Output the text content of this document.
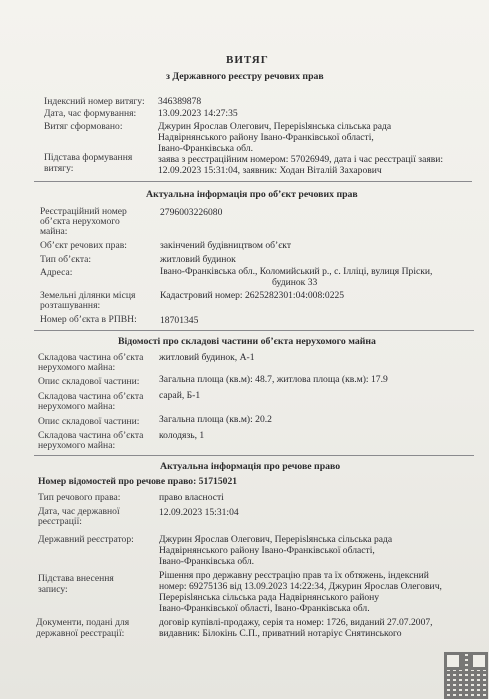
ВИТЯГ
з Державного реєстру речових прав
Індексний номер витягу: 346389878
Дата, час формування: 13.09.2023 14:27:35
Витяг сформовано:	Джурин Ярослав Олегович, Перерislянська сільська рада
Надвірнянського району Івано-Франківської області,
Івано-Франківська обл.
Підстава формування
витягу:
заява з реєстраційним номером: 57026949, дата і час реєстрації заяви:
12.09.2023 15:31:04, заявник: Ходан Віталій Захарович
Актуальна інформація про об’єкт речових прав
Реєстраційний номер
об’єкта нерухомого
майна:
2796003226080
Об’єкт речових прав:	закінчений будівництвом об’єкт
Тип об’єкта:	житловий будинок
Адреса:	Івано-Франківська обл., Коломийський р., с. Ілліці, вулиця Пріски,
будинок 33
Земельні ділянки місця
розташування:
Кадастровий номер: 2625282301:04:008:0225
Номер об’єкта в РПВН: 18701345
Відомості про складові частини об’єкта нерухомого майна
Складова частина об’єкта
нерухомого майна:
житловий будинок, А-1
Опис складової частини: Загальна площа (кв.м): 48.7, житлова площа (кв.м): 17.9
Складова частина об’єкта
нерухомого майна:
сарай, Б-1
Опис складової частини: Загальна площа (кв.м): 20.2
Складова частина об’єкта
нерухомого майна:
колодязь, 1
Актуальна інформація про речове право
Номер відомостей про речове право: 51715021
Тип речового права:	право власності
Дата, час державної
реєстрації:
12.09.2023 15:31:04
Державний реєстратор:	Джурин Ярослав Олегович, Перерislянська сільська рада
Надвірнянського району Івано-Франківської області,
Івано-Франківська обл.
Підстава внесення
запису:
Рішення про державну реєстрацію прав та їх обтяжень, індексний
номер: 69275136 від 13.09.2023 14:22:34, Джурин Ярослав Олегович,
Перерislянська сільська рада Надвірнянського району
Івано-Франківської області, Івано-Франківська обл.
Документи, подані для
державної реєстрації:
договір купівлі-продажу, серія та номер: 1726, виданий 27.07.2007,
видавник: Білокінь С.П., приватний нотаріус Снятинського
